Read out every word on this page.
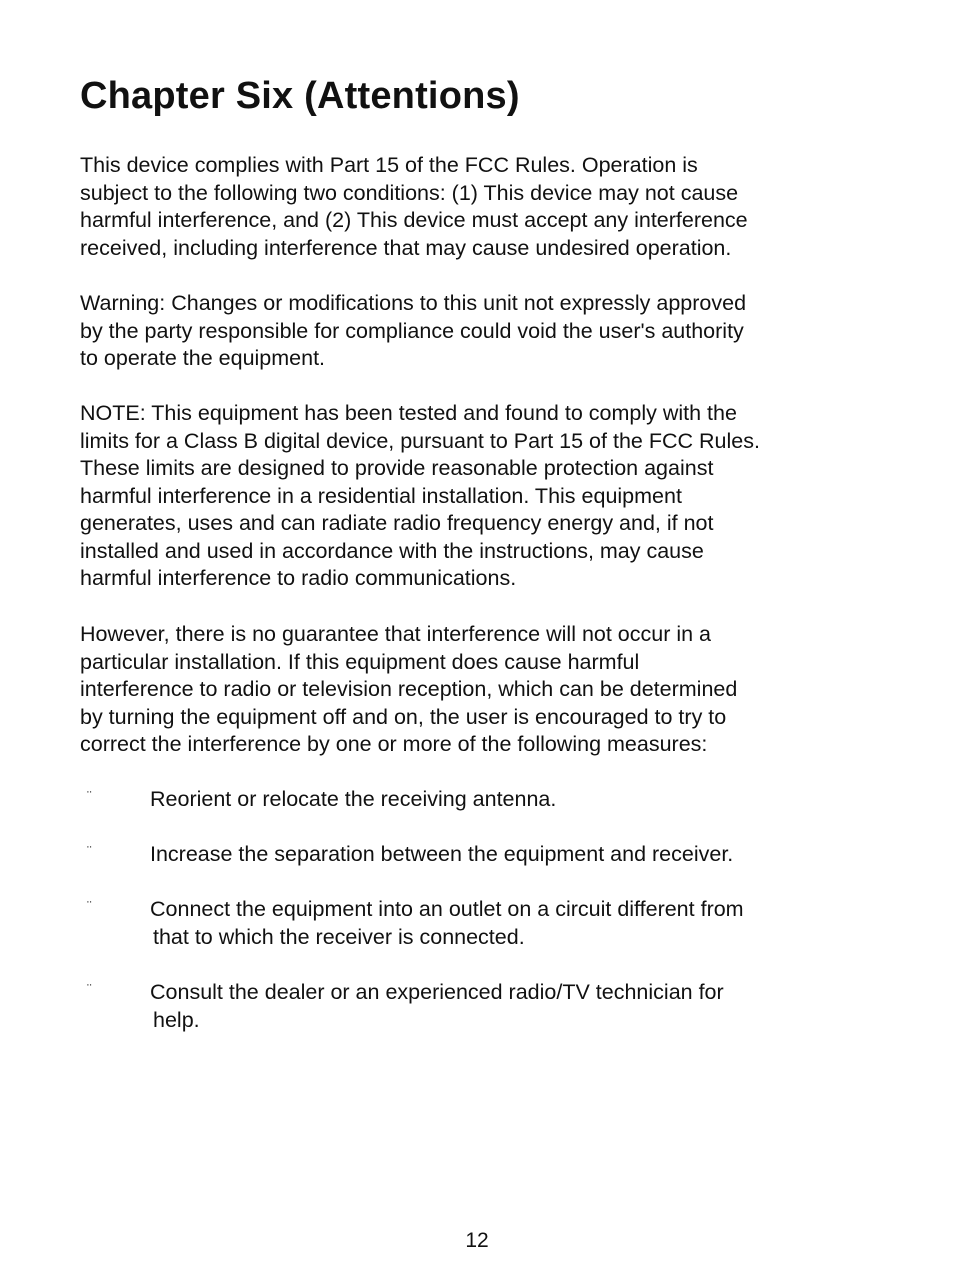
Chapter Six (Attentions)

This device complies with Part 15 of the FCC Rules. Operation is
subject to the following two conditions: (1) This device may not cause
harmful interference, and (2) This device must accept any interference
received, including interference that may cause undesired operation.

Warning: Changes or modifications to this unit not expressly approved
by the party responsible for compliance could void the user's authority
to operate the equipment.

NOTE: This equipment has been tested and found to comply with the
limits for a Class B digital device, pursuant to Part 15 of the FCC Rules.
These limits are designed to provide reasonable protection against
harmful interference in a residential installation. This equipment
generates, uses and can radiate radio frequency energy and, if not
installed and used in accordance with the instructions, may cause
harmful interference to radio communications.

However, there is no guarantee that interference will not occur in a
particular installation. If this equipment does cause harmful
interference to radio or television reception, which can be determined
by turning the equipment off and on, the user is encouraged to try to
correct the interference by one or more of the following measures:

¨	Reorient or relocate the receiving antenna.

¨	Increase the separation between the equipment and receiver.

¨	Connect the equipment into an outlet on a circuit different from
that to which the receiver is connected.

¨	Consult the dealer or an experienced radio/TV technician for
help.

12
